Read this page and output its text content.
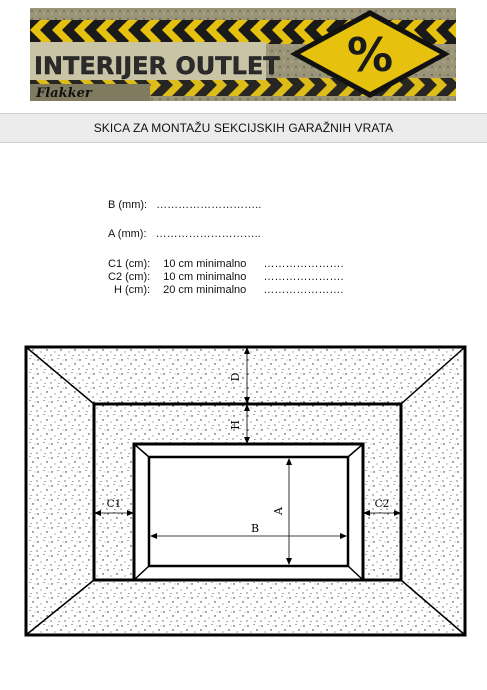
INTERIJER OUTLET
Flakker
%
SKICA ZA MONTAŽU SEKCIJSKIH GARAŽNIH VRATA
B (mm): ………………………..
A (mm): ………………………..
C1 (cm): 10 cm minimalno ………………….
C2 (cm): 10 cm minimalno ………………….
H (cm): 20 cm minimalno ………………….
D
H
A
B
C1	C2
